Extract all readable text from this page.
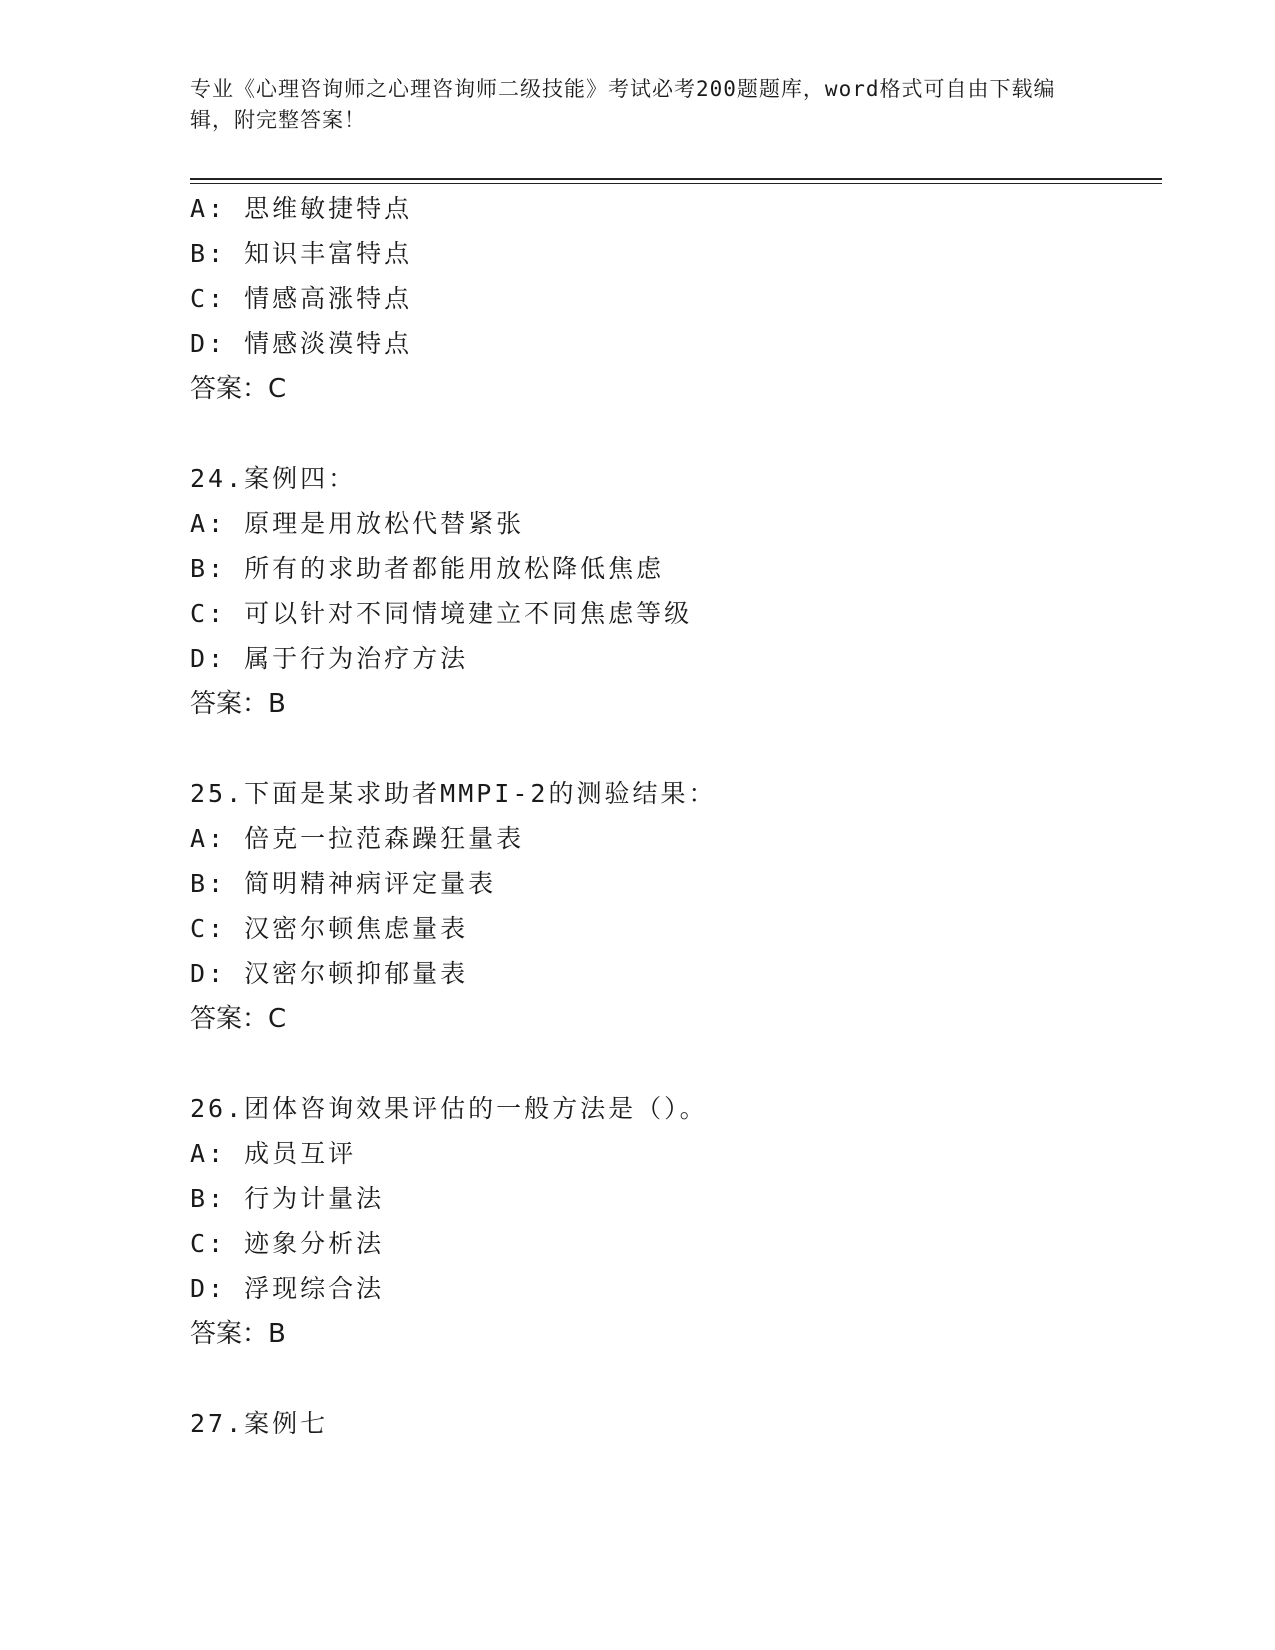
专业《心理咨询师之心理咨询师二级技能》考试必考200题题库，word格式可自由下载编辑，附完整答案！
A: 思维敏捷特点
B: 知识丰富特点
C: 情感高涨特点
D: 情感淡漠特点
答案：C
24.案例四：
A: 原理是用放松代替紧张
B: 所有的求助者都能用放松降低焦虑
C: 可以针对不同情境建立不同焦虑等级
D: 属于行为治疗方法
答案：B
25.下面是某求助者MMPI-2的测验结果：
A: 倍克一拉范森躁狂量表
B: 简明精神病评定量表
C: 汉密尔顿焦虑量表
D: 汉密尔顿抑郁量表
答案：C
26.团体咨询效果评估的一般方法是（）。
A: 成员互评
B: 行为计量法
C: 迹象分析法
D: 浮现综合法
答案：B
27.案例七
